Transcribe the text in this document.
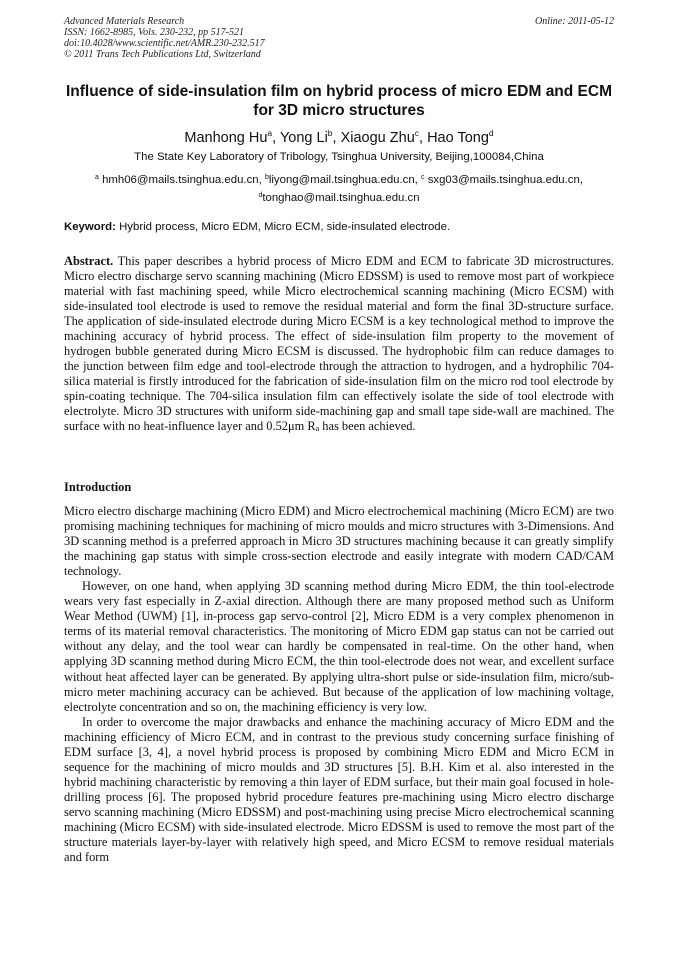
Advanced Materials Research
ISSN: 1662-8985, Vols. 230-232, pp 517-521
doi:10.4028/www.scientific.net/AMR.230-232.517
© 2011 Trans Tech Publications Ltd, Switzerland
Online: 2011-05-12
Influence of side-insulation film on hybrid process of micro EDM and ECM for 3D micro structures
Manhong Hu$^a$, Yong Li$^b$, Xiaogu Zhu$^c$, Hao Tong$^d$
The State Key Laboratory of Tribology, Tsinghua University, Beijing,100084,China
$^a$ hmh06@mails.tsinghua.edu.cn, $^b$liyong@mail.tsinghua.edu.cn, $^c$ sxg03@mails.tsinghua.edu.cn,
$^d$tonghao@mail.tsinghua.edu.cn
Keyword: Hybrid process, Micro EDM, Micro ECM, side-insulated electrode.
Abstract. This paper describes a hybrid process of Micro EDM and ECM to fabricate 3D microstructures. Micro electro discharge servo scanning machining (Micro EDSSM) is used to remove most part of workpiece material with fast machining speed, while Micro electrochemical scanning machining (Micro ECSM) with side-insulated tool electrode is used to remove the residual material and form the final 3D-structure surface. The application of side-insulated electrode during Micro ECSM is a key technological method to improve the machining accuracy of hybrid process. The effect of side-insulation film property to the movement of hydrogen bubble generated during Micro ECSM is discussed. The hydrophobic film can reduce damages to the junction between film edge and tool-electrode through the attraction to hydrogen, and a hydrophilic 704-silica material is firstly introduced for the fabrication of side-insulation film on the micro rod tool electrode by spin-coating technique. The 704-silica insulation film can effectively isolate the side of tool electrode with electrolyte. Micro 3D structures with uniform side-machining gap and small tape side-wall are machined. The surface with no heat-influence layer and 0.52μm Ra has been achieved.
Introduction

Micro electro discharge machining (Micro EDM) and Micro electrochemical machining (Micro ECM) are two promising machining techniques for machining of micro moulds and micro structures with 3-Dimensions. And 3D scanning method is a preferred approach in Micro 3D structures machining because it can greatly simplify the machining gap status with simple cross-section electrode and easily integrate with modern CAD/CAM technology.

However, on one hand, when applying 3D scanning method during Micro EDM, the thin tool-electrode wears very fast especially in Z-axial direction. Although there are many proposed method such as Uniform Wear Method (UWM) [1], in-process gap servo-control [2], Micro EDM is a very complex phenomenon in terms of its material removal characteristics. The monitoring of Micro EDM gap status can not be carried out without any delay, and the tool wear can hardly be compensated in real-time. On the other hand, when applying 3D scanning method during Micro ECM, the thin tool-electrode does not wear, and excellent surface without heat affected layer can be generated. By applying ultra-short pulse or side-insulation film, micro/sub-micro meter machining accuracy can be achieved. But because of the application of low machining voltage, electrolyte concentration and so on, the machining efficiency is very low.

In order to overcome the major drawbacks and enhance the machining accuracy of Micro EDM and the machining efficiency of Micro ECM, and in contrast to the previous study concerning surface finishing of EDM surface [3, 4], a novel hybrid process is proposed by combining Micro EDM and Micro ECM in sequence for the machining of micro moulds and 3D structures [5]. B.H. Kim et al. also interested in the hybrid machining characteristic by removing a thin layer of EDM surface, but their main goal focused in hole-drilling process [6]. The proposed hybrid procedure features pre-machining using Micro electro discharge servo scanning machining (Micro EDSSM) and post-machining using precise Micro electrochemical scanning machining (Micro ECSM) with side-insulated electrode. Micro EDSSM is used to remove the most part of the structure materials layer-by-layer with relatively high speed, and Micro ECSM to remove residual materials and form
